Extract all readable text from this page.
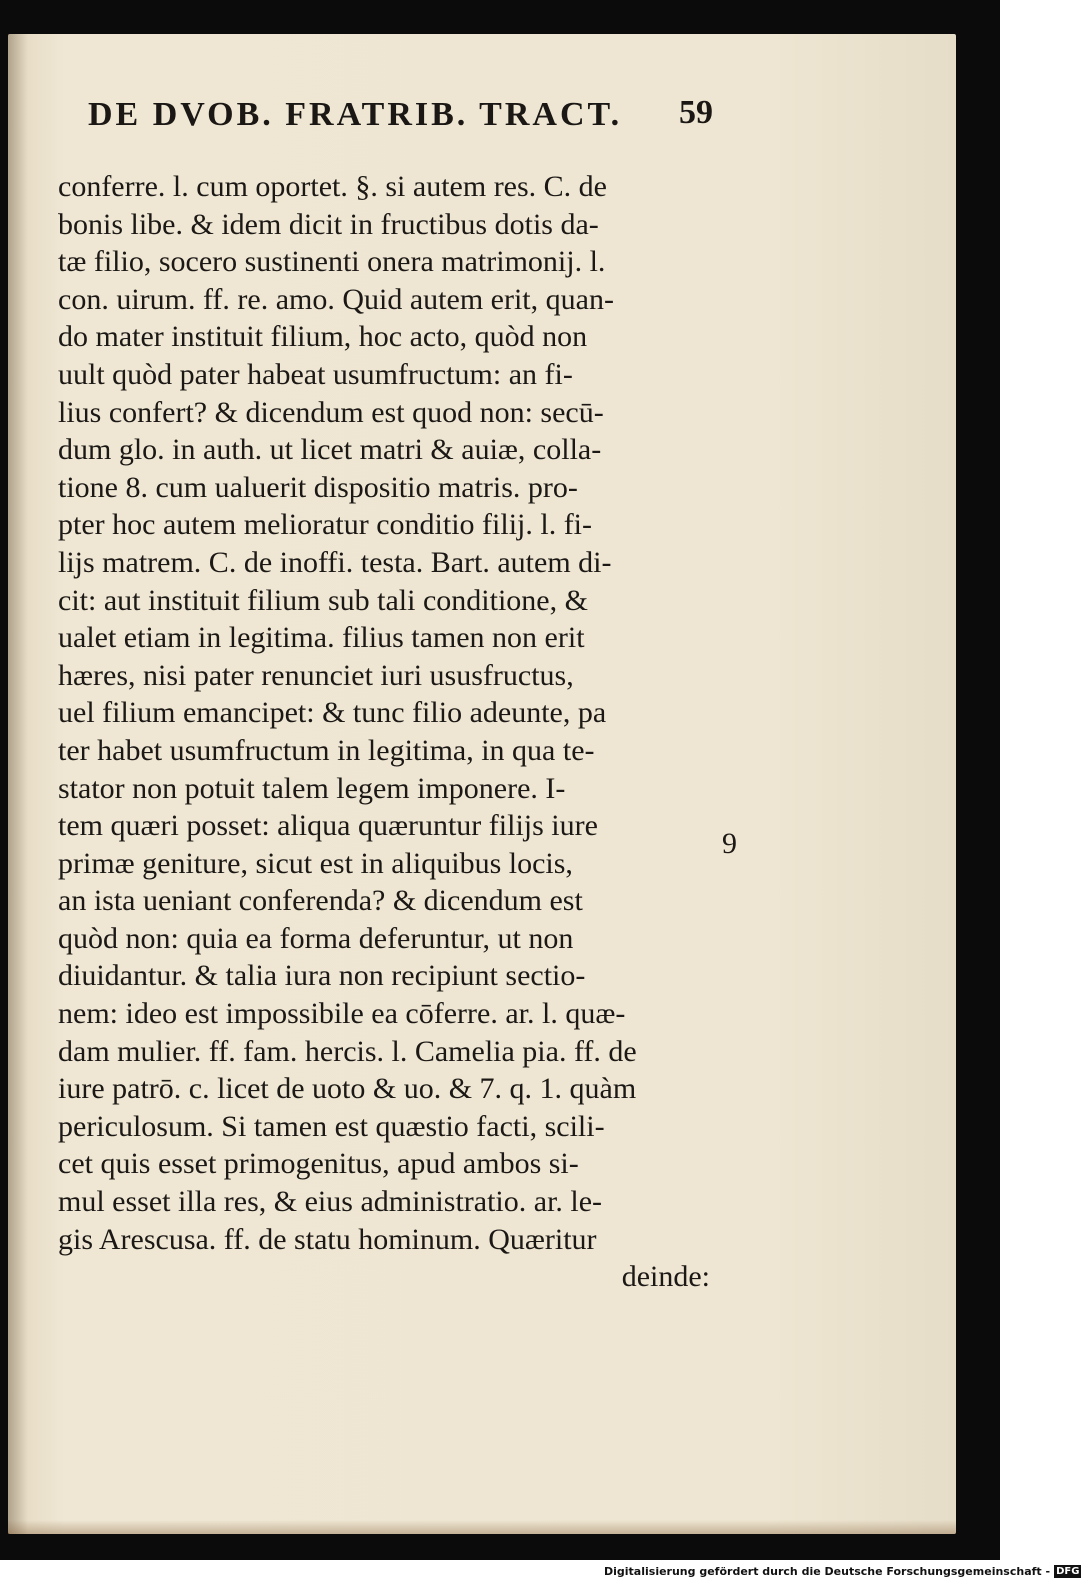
DE DVOB. FRATRIB. TRACT. 59
conferre. l. cum oportet. §. si autem res. C. de
bonis libe. & idem dicit in fructibus dotis da-
tæ filio, socero sustinenti onera matrimonij. l.
con. uirum. ff. re. amo. Quid autem erit, quan-
do mater instituit filium, hoc acto, quòd non
uult quòd pater habeat usumfructum: an fi-
lius confert? & dicendum est quod non: secū-
dum glo. in auth. ut licet matri & auiæ, colla-
tione 8. cum ualuerit dispositio matris. pro-
pter hoc autem melioratur conditio filij. l. fi-
lijs matrem. C. de inoffi. testa. Bart. autem di-
cit: aut instituit filium sub tali conditione, &
ualet etiam in legitima. filius tamen non erit
hæres, nisi pater renunciet iuri ususfructus,
uel filium emancipet: & tunc filio adeunte, pa
ter habet usumfructum in legitima, in qua te-
stator non potuit talem legem imponere. I-
tem quæri posset: aliqua quæruntur filijs iure
primæ geniture, sicut est in aliquibus locis,
an ista ueniant conferenda? & dicendum est
quòd non: quia ea forma deferuntur, ut non
diuidantur. & talia iura non recipiunt sectio-
nem: ideo est impossibile ea cōferre. ar. l. quæ-
dam mulier. ff. fam. hercis. l. Camelia pia. ff. de
iure patrō. c. licet de uoto & uo. & 7. q. 1. quàm
periculosum. Si tamen est quæstio facti, scili-
cet quis esset primogenitus, apud ambos si-
mul esset illa res, & eius administratio. ar. le-
gis Arescusa. ff. de statu hominum. Quæritur
deinde:
9
Digitalisierung gefördert durch die Deutsche Forschungsgemeinschaft - DFG
